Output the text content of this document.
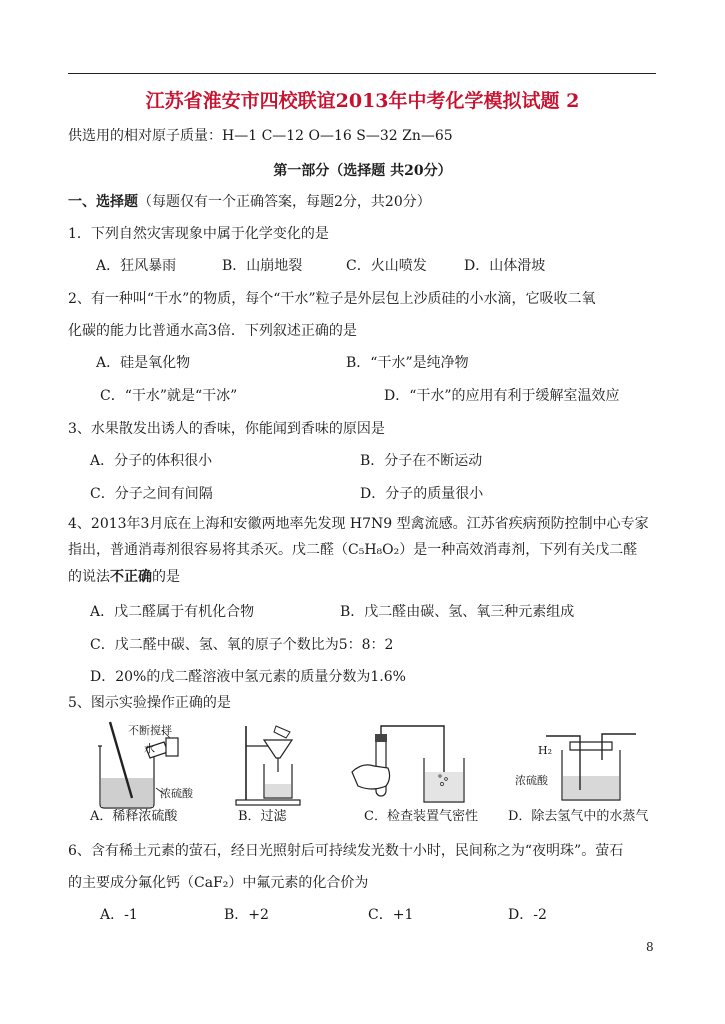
江苏省淮安市四校联谊2013年中考化学模拟试题 2
供选用的相对原子质量：H—1 C—12 O—16 S—32 Zn—65
第一部分（选择题 共20分）
一、选择题（每题仅有一个正确答案，每题2分，共20分）
1．下列自然灾害现象中属于化学变化的是
A．狂风暴雨	B．山崩地裂	C．火山喷发	D．山体滑坡
2、有一种叫“干水”的物质，每个“干水”粒子是外层包上沙质硅的小水滴，它吸收二氧
化碳的能力比普通水高3倍．下列叙述正确的是
A．硅是氧化物	B．“干水”是纯净物
C．“干水”就是“干冰”	D．“干水”的应用有利于缓解室温效应
3、水果散发出诱人的香味，你能闻到香味的原因是
A．分子的体积很小	B．分子在不断运动
C．分子之间有间隔	D．分子的质量很小
4、2013年3月底在上海和安徽两地率先发现 H7N9 型禽流感。江苏省疾病预防控制中心专家
指出，普通消毒剂很容易将其杀灭。戊二醛（C₅H₈O₂）是一种高效消毒剂，下列有关戊二醛
的说法不正确的是
A．戊二醛属于有机化合物	B．戊二醛由碳、氢、氧三种元素组成
C．戊二醛中碳、氢、氧的原子个数比为5：8：2
D．20%的戊二醛溶液中氢元素的质量分数为1.6%
5、图示实验操作正确的是
不断搅拌
水
浓硫酸
H₂
浓硫酸
A．稀释浓硫酸	B．过滤	C．检查装置气密性 D．除去氢气中的水蒸气
6、含有稀土元素的萤石，经日光照射后可持续发光数十小时，民间称之为“夜明珠”。萤石
的主要成分氟化钙（CaF₂）中氟元素的化合价为
A．-1	B．+2	C．+1	D．-2
8
